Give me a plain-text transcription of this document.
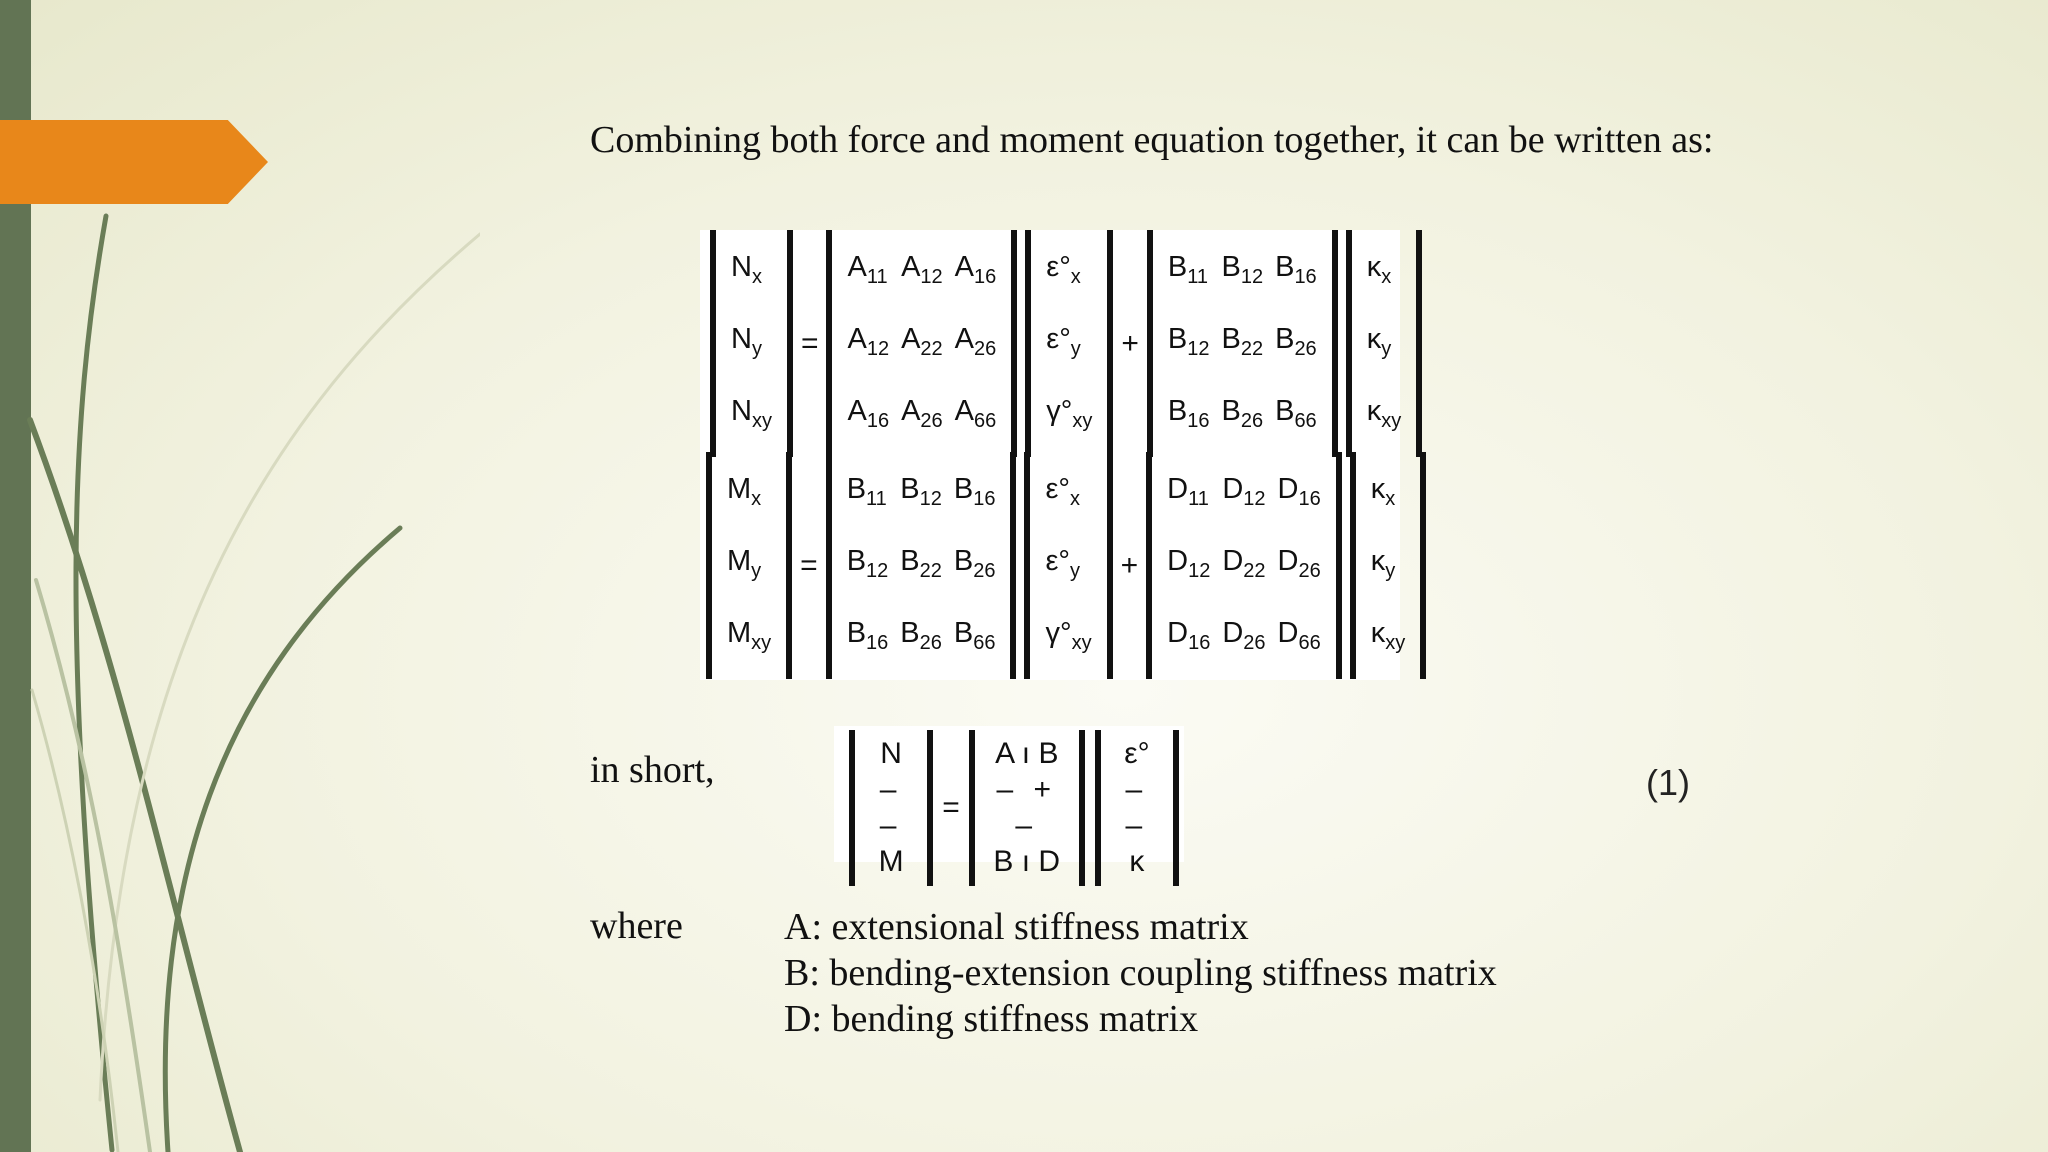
Combining both force and moment equation together, it can be written as:
$N_x$
$N_y$
$N_{xy}$
=
$A_{11}$ $A_{12}$ $A_{16}$
$A_{12}$ $A_{22}$ $A_{26}$
$A_{16}$ $A_{26}$ $A_{66}$
$\varepsilon^\circ_x$
$\varepsilon^\circ_y$
$\gamma^\circ_{xy}$
+
$B_{11}$ $B_{12}$ $B_{16}$
$B_{12}$ $B_{22}$ $B_{26}$
$B_{16}$ $B_{26}$ $B_{66}$
$\kappa_x$
$\kappa_y$
$\kappa_{xy}$
$M_x$
$M_y$
$M_{xy}$
=
$B_{11}$ $B_{12}$ $B_{16}$
$B_{12}$ $B_{22}$ $B_{26}$
$B_{16}$ $B_{26}$ $B_{66}$
$\varepsilon^\circ_x$
$\varepsilon^\circ_y$
$\gamma^\circ_{xy}$
+
$D_{11}$ $D_{12}$ $D_{16}$
$D_{12}$ $D_{22}$ $D_{26}$
$D_{16}$ $D_{26}$ $D_{66}$
$\kappa_x$
$\kappa_y$
$\kappa_{xy}$
in short,	N
– –
M
=
A ı B
– + –
B ı D
ε°
– –
κ
(1)
where	A: extensional stiffness matrix
B: bending-extension coupling stiffness matrix
D: bending stiffness matrix
